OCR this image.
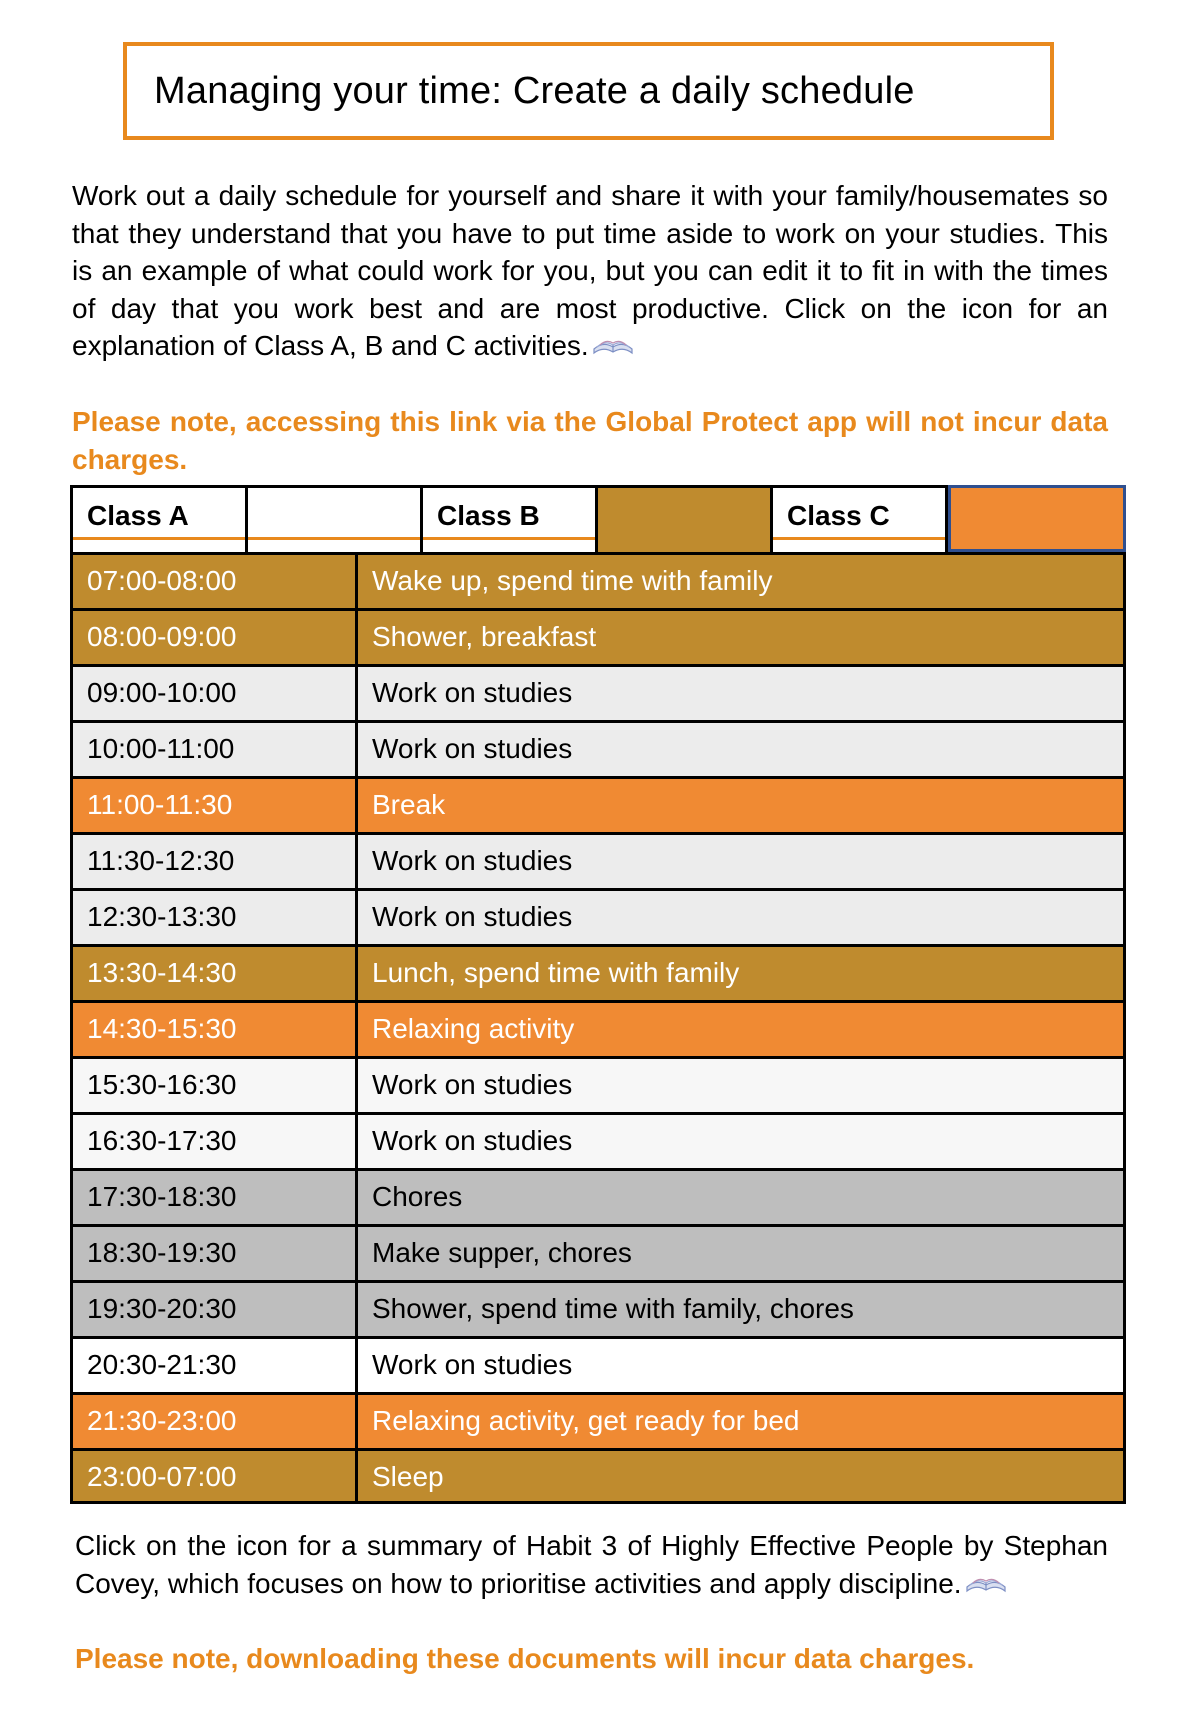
Managing your time: Create a daily schedule

Work out a daily schedule for yourself and share it with your family/housemates so that they understand that you have to put time aside to work on your studies. This is an example of what could work for you, but you can edit it to fit in with the times of day that you work best and are most productive. Click on the icon for an explanation of Class A, B and C activities.

Please note, accessing this link via the Global Protect app will not incur data charges.

Class A	Class B	Class C
07:00-08:00	Wake up, spend time with family
08:00-09:00	Shower, breakfast
09:00-10:00	Work on studies
10:00-11:00	Work on studies
11:00-11:30	Break
11:30-12:30	Work on studies
12:30-13:30	Work on studies
13:30-14:30	Lunch, spend time with family
14:30-15:30	Relaxing activity
15:30-16:30	Work on studies
16:30-17:30	Work on studies
17:30-18:30	Chores
18:30-19:30	Make supper, chores
19:30-20:30	Shower, spend time with family, chores
20:30-21:30	Work on studies
21:30-23:00	Relaxing activity, get ready for bed
23:00-07:00	Sleep

Click on the icon for a summary of Habit 3 of Highly Effective People by Stephan Covey, which focuses on how to prioritise activities and apply discipline.

Please note, downloading these documents will incur data charges.
